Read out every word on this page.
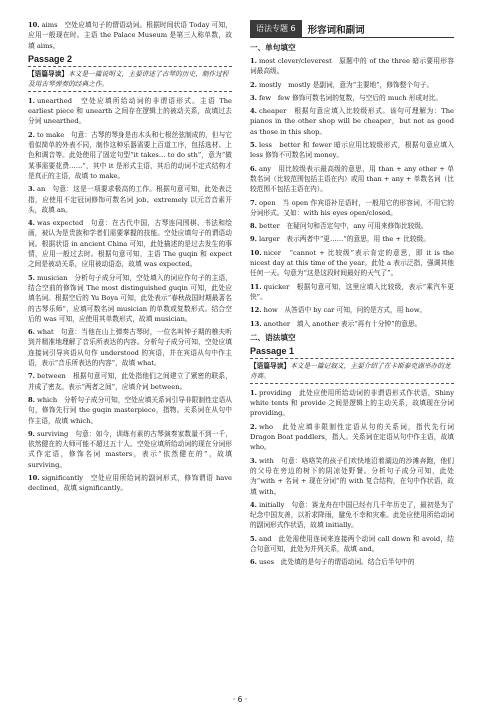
10. aims　空处应填句子的谓语动词。根据时间状语 Today 可知，应用一般现在时。主语 the Palace Museum 是第三人称单数，故填 aims。

Passage 2
【语篇导读】本文是一篇说明文，主要讲述了古琴的历史、制作过程及用古琴弹奏的经典之作。

1. unearthed　空处应填所给动词的非谓语形式。主语 The earliest piece 和 unearth 之间存在逻辑上的被动关系，故填过去分词 unearthed。

2. to make　句意：古琴的琴身是由木头和七根丝弦制成的，但与它看似简单的外表不同，制作这种乐器需要上百道工序，包括选材、上色和调音等。此处使用了固定句型“it takes… to do sth”，意为“做某事需要花费……”，其中 it 是形式主语，其后的动词不定式结构才是真正的主语，故填 to make。

3. an　句意：这是一项要求极高的工作。根据句意可知，此处表泛指，应使用不定冠词修饰可数名词 job。extremely 以元音音素开头，故填 an。

4. was expected　句意：在古代中国，古琴连同围棋、书法和绘画，被认为是贵族和学者们需要掌握的技能。空处应填句子的谓语动词。根据状语 in ancient China 可知，此处描述的是过去发生的事情，应用一般过去时。根据句意可知，主语 The guqin 和 expect 之间是被动关系，应用被动语态，故填 was expected。

5. musician　分析句子成分可知，空处填入的词应作句子的主语，结合空前的修饰词 The most distinguished guqin 可知，此处应填名词。根据空后的 Yu Boya 可知，此处表示“春秋战国时期最著名的古琴乐师”，应填可数名词 musician 的单数或复数形式。结合空后的 was 可知，应使用其单数形式，故填 musician。

6. what　句意：当他在山上弹奏古琴时，一位名叫钟子期的樵夫听到并精准地理解了音乐所表达的内容。分析句子成分可知，空处应填连接词引导宾语从句作 understood 的宾语，并在宾语从句中作主语，表示“音乐所表达的内容”，故填 what。

7. between　根据句意可知，此处指他们之间建立了紧密的联系，并成了密友。表示“两者之间”，应填介词 between。

8. which　分析句子成分可知，空处应填关系词引导非限制性定语从句，修饰先行词 the guqin masterpiece，指物。关系词在从句中作主语，故填 which。

9. surviving　句意：如今，训练有素的古琴演奏家数量不到一千，依然健在的大师可能不超过五十人。空处应填所给动词的现在分词形式作定语，修饰名词 masters，表示“依然健在的”，故填 surviving。

10. significantly　空处应用所给词的副词形式，修饰谓语 have declined，故填 significantly。

语法专题 6	形容词和副词
一、单句填空

1. most clever/cleverest　原题中的 of the three 暗示要用形容词最高级。

2. mostly　mostly 是副词，意为“主要地”，修饰整个句子。

3. few　few 修饰可数名词的复数，与空后的 much 形成对比。

4. cheaper　根据句意应填入比较级形式。该句可理解为：The pianos in the other shop will be cheaper，but not as good as those in this shop。

5. less　better 和 fewer 暗示应用比较级形式，根据句意应填入 less 修饰不可数名词 money。

6. any　用比较级表示最高级的意思，用 than + any other + 单数名词（比较范围包括主语在内）或用 than + any + 单数名词（比较范围不包括主语在内）。

7. open　当 open 作宾语补足语时，一般用它的形容词，不用它的分词形式。又如：with his eyes open/closed。

8. better　在疑问句和否定句中，any 可用来修饰比较级。

9. larger　表示两者中“更……”的意思，用 the + 比较级。

10. nicer　“cannot + 比较级”表示肯定的意思，即 it is the nicest day at this time of the year。此处 a 表示泛指，强调其他任何一天。句意为“这是这段时间最好的天气了”。

11. quicker　根据句意可知，这里应填入比较级，表示“乘汽车更快”。

12. how　从答语中 by car 可知，问的是方式，用 how。

13. another　填入 another 表示“再有十分钟”的意思。

二、语法填空
Passage 1
【语篇导读】本文是一篇记叙文，主要介绍了在卡斯泰克湖举办的龙舟赛。

1. providing　此处应使用所给动词的非谓语形式作状语，Shiny white tents 和 provide 之间是逻辑上的主动关系，故填现在分词 providing。

2. who　此处应填非限制性定语从句的关系词，指代先行词 Dragon Boat paddlers，指人。关系词在定语从句中作主语，故填 who。

3. with　句意：咯咯笑的孩子们欢快地沿着湖边的沙滩奔跑，他们的父母在旁边的树下的阴凉处野餐。分析句子成分可知，此处为“with + 名词 + 现在分词”的 with 复合结构，在句中作状语，故填 with。

4. initially　句意：赛龙舟在中国已经有几千年历史了，最初是为了纪念中国友善，以祈求降雨，避免不幸和灾难。此处应使用所给动词的副词形式作状语，故填 initially。

5. and　此处需使用连词来连接两个动词 call down 和 avoid，结合句意可知，此处为并列关系，故填 and。

6. uses　此处填的是句子的谓语动词。结合后半句中的

· 6 ·
